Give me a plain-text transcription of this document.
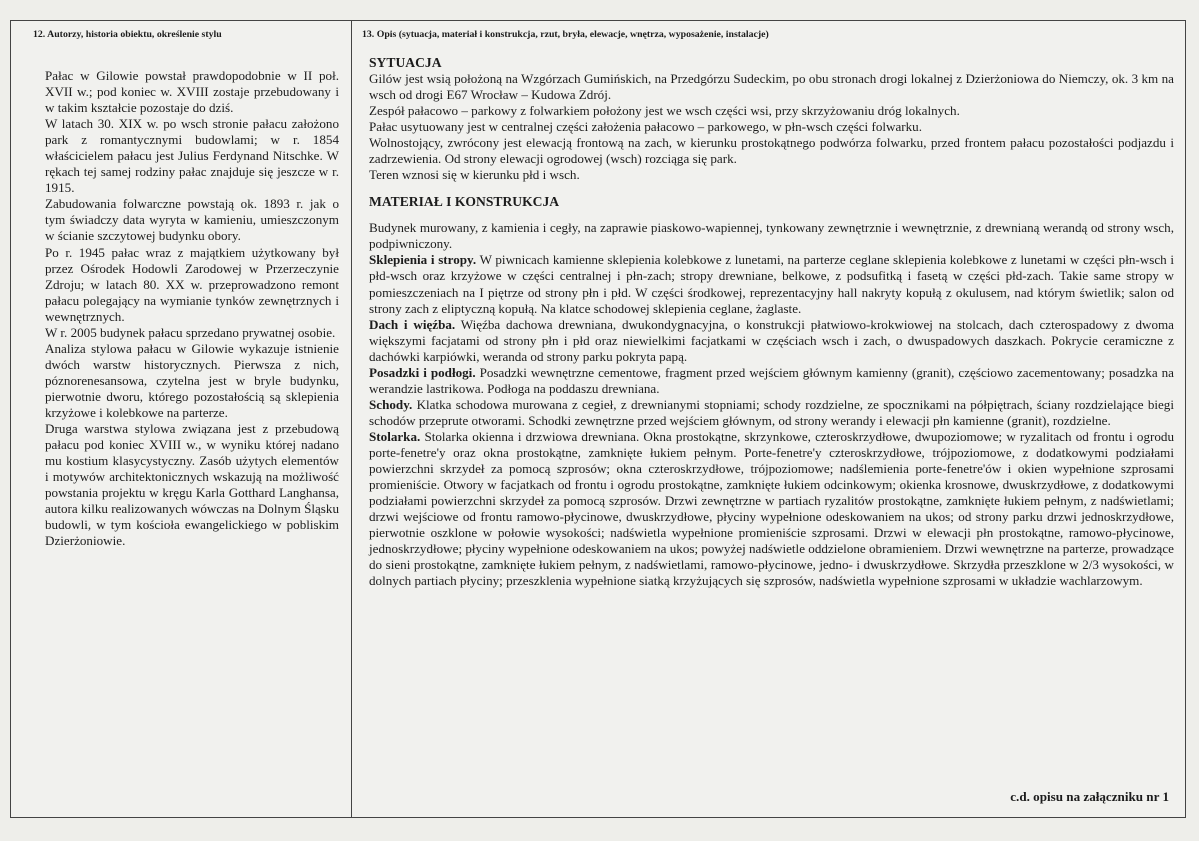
12. Autorzy, historia obiektu, określenie stylu

Pałac w Gilowie powstał prawdopodobnie w II poł. XVII w.; pod koniec w. XVIII zostaje przebudowany i w takim kształcie pozostaje do dziś.

W latach 30. XIX w. po wsch stronie pałacu założono park z romantycznymi budowlami; w r. 1854 właścicielem pałacu jest Julius Ferdynand Nitschke. W rękach tej samej rodziny pałac znajduje się jeszcze w r. 1915.

Zabudowania folwarczne powstają ok. 1893 r. jak o tym świadczy data wyryta w kamieniu, umieszczonym w ścianie szczytowej budynku obory.

Po r. 1945 pałac wraz z majątkiem użytkowany był przez Ośrodek Hodowli Zarodowej w Przerzeczynie Zdroju; w latach 80. XX w. przeprowadzono remont pałacu polegający na wymianie tynków zewnętrznych i wewnętrznych.

W r. 2005 budynek pałacu sprzedano prywatnej osobie.

Analiza stylowa pałacu w Gilowie wykazuje istnienie dwóch warstw historycznych. Pierwsza z nich, póznorenesansowa, czytelna jest w bryle budynku, pierwotnie dworu, którego pozostałością są sklepienia krzyżowe i kolebkowe na parterze.

Druga warstwa stylowa związana jest z przebudową pałacu pod koniec XVIII w., w wyniku której nadano mu kostium klasycystyczny. Zasób użytych elementów i motywów architektonicznych wskazują na możliwość powstania projektu w kręgu Karla Gotthard Langhansa, autora kilku realizowanych wówczas na Dolnym Śląsku budowli, w tym kościoła ewangelickiego w pobliskim Dzierżoniowie.

13. Opis (sytuacja, materiał i konstrukcja, rzut, bryła, elewacje, wnętrza, wyposażenie, instalacje)

SYTUACJA

Gilów jest wsią położoną na Wzgórzach Gumińskich, na Przedgórzu Sudeckim, po obu stronach drogi lokalnej z Dzierżoniowa do Niemczy, ok. 3 km na wsch od drogi E67 Wrocław – Kudowa Zdrój.

Zespół pałacowo – parkowy z folwarkiem położony jest we wsch części wsi, przy skrzyżowaniu dróg lokalnych.

Pałac usytuowany jest w centralnej części założenia pałacowo – parkowego, w płn-wsch części folwarku.

Wolnostojący, zwrócony jest elewacją frontową na zach, w kierunku prostokątnego podwórza folwarku, przed frontem pałacu pozostałości podjazdu i zadrzewienia. Od strony elewacji ogrodowej (wsch) rozciąga się park.

Teren wznosi się w kierunku płd i wsch.

MATERIAŁ I KONSTRUKCJA

Budynek murowany, z kamienia i cegły, na zaprawie piaskowo-wapiennej, tynkowany zewnętrznie i wewnętrznie, z drewnianą werandą od strony wsch, podpiwniczony.

Sklepienia i stropy. W piwnicach kamienne sklepienia kolebkowe z lunetami, na parterze ceglane sklepienia kolebkowe z lunetami w części płn-wsch i płd-wsch oraz krzyżowe w części centralnej i płn-zach; stropy drewniane, belkowe, z podsufitką i fasetą w części płd-zach. Takie same stropy w pomieszczeniach na I piętrze od strony płn i płd. W części środkowej, reprezentacyjny hall nakryty kopułą z okulusem, nad którym świetlik; salon od strony zach z eliptyczną kopułą. Na klatce schodowej sklepienia ceglane, żaglaste.

Dach i więźba. Więźba dachowa drewniana, dwukondygnacyjna, o konstrukcji płatwiowo-krokwiowej na stolcach, dach czterospadowy z dwoma większymi facjatami od strony płn i płd oraz niewielkimi facjatkami w częściach wsch i zach, o dwuspadowych daszkach. Pokrycie ceramiczne z dachówki karpiówki, weranda od strony parku pokryta papą.

Posadzki i podłogi. Posadzki wewnętrzne cementowe, fragment przed wejściem głównym kamienny (granit), częściowo zacementowany; posadzka na werandzie lastrikowa. Podłoga na poddaszu drewniana.

Schody. Klatka schodowa murowana z cegieł, z drewnianymi stopniami; schody rozdzielne, ze spocznikami na półpiętrach, ściany rozdzielające biegi schodów przeprute otworami. Schodki zewnętrzne przed wejściem głównym, od strony werandy i elewacji płn kamienne (granit), rozdzielne.

Stolarka. Stolarka okienna i drzwiowa drewniana. Okna prostokątne, skrzynkowe, czteroskrzydłowe, dwupoziomowe; w ryzalitach od frontu i ogrodu porte-fenetre'y oraz okna prostokątne, zamknięte łukiem pełnym. Porte-fenetre'y czteroskrzydłowe, trójpoziomowe, z dodatkowymi podziałami powierzchni skrzydeł za pomocą szprosów; okna czteroskrzydłowe, trójpoziomowe; nadślemienia porte-fenetre'ów i okien wypełnione szprosami promieniście. Otwory w facjatkach od frontu i ogrodu prostokątne, zamknięte łukiem odcinkowym; okienka krosnowe, dwuskrzydłowe, z dodatkowymi podziałami powierzchni skrzydeł za pomocą szprosów. Drzwi zewnętrzne w partiach ryzalitów prostokątne, zamknięte łukiem pełnym, z nadświetlami; drzwi wejściowe od frontu ramowo-płycinowe, dwuskrzydłowe, płyciny wypełnione odeskowaniem na ukos; od strony parku drzwi jednoskrzydłowe, pierwotnie oszklone w połowie wysokości; nadświetla wypełnione promieniście szprosami. Drzwi w elewacji płn prostokątne, ramowo-płycinowe, jednoskrzydłowe; płyciny wypełnione odeskowaniem na ukos; powyżej nadświetle oddzielone obramieniem. Drzwi wewnętrzne na parterze, prowadzące do sieni prostokątne, zamknięte łukiem pełnym, z nadświetlami, ramowo-płycinowe, jedno- i dwuskrzydłowe. Skrzydła przeszklone w 2/3 wysokości, w dolnych partiach płyciny; przeszklenia wypełnione siatką krzyżujących się szprosów, nadświetla wypełnione szprosami w układzie wachlarzowym.

c.d. opisu na załączniku nr 1
